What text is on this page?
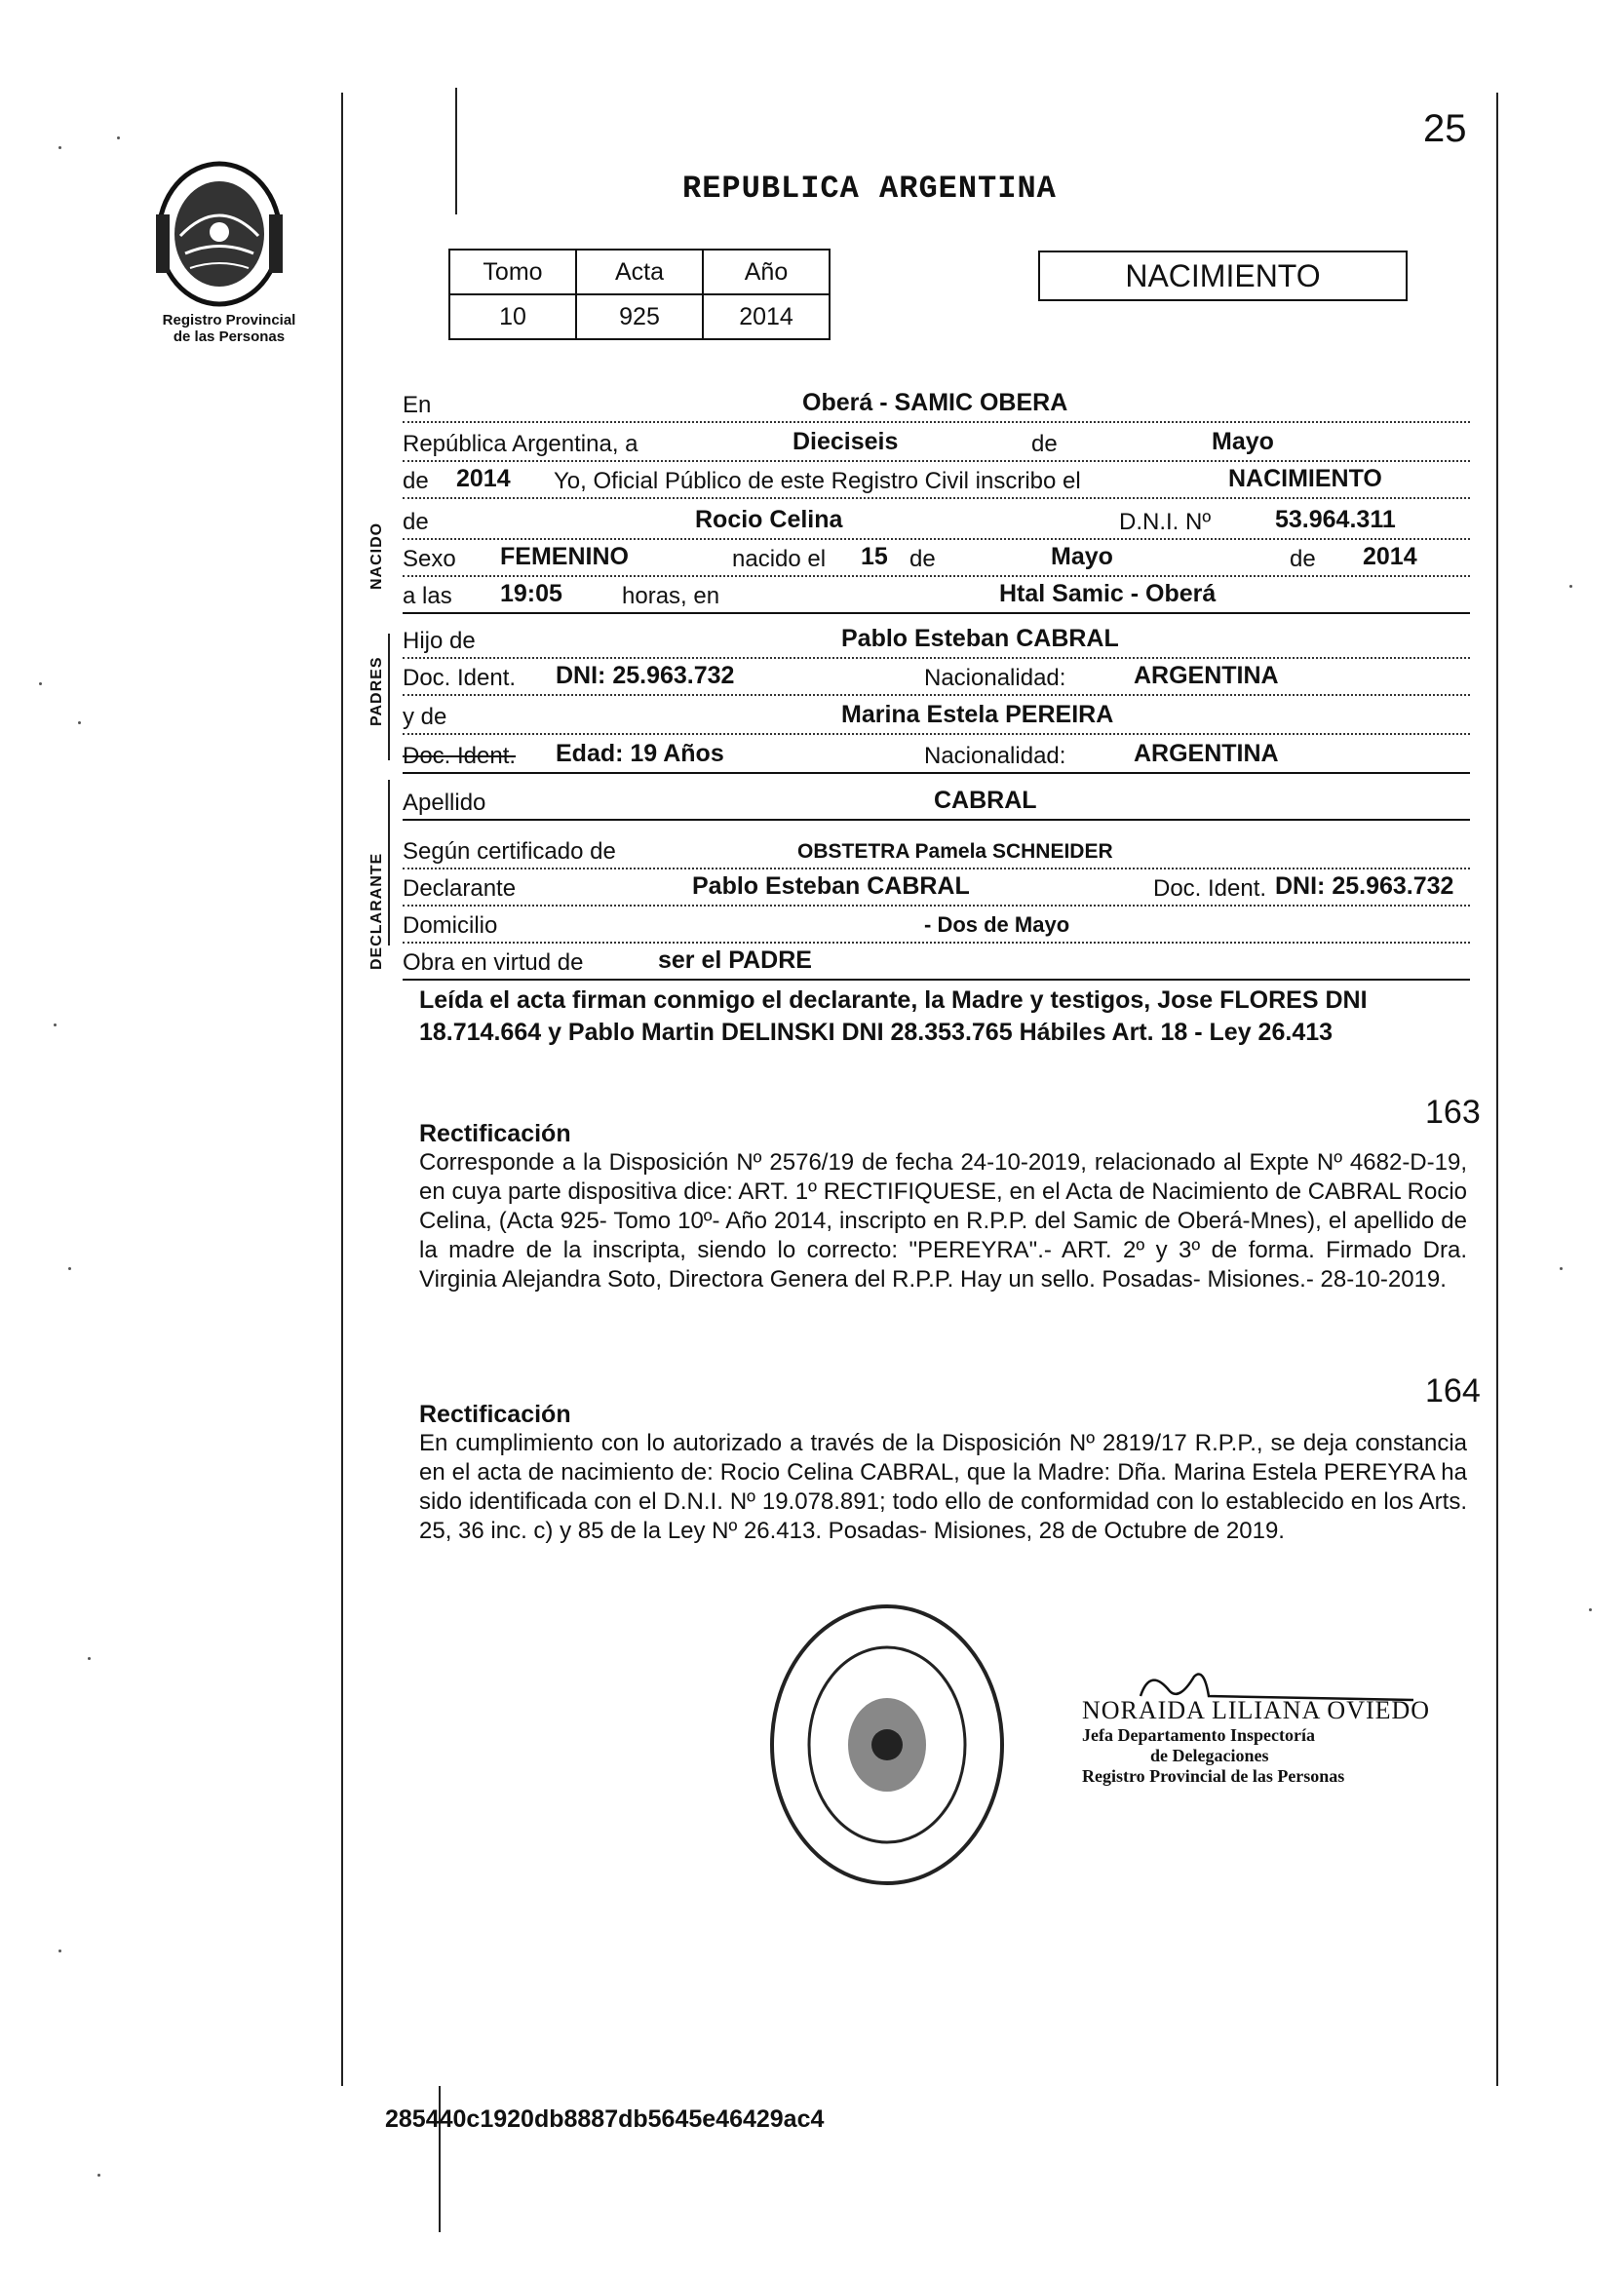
Registro Provincial
de las Personas
25
REPUBLICA ARGENTINA
Tomo	Acta	Año
10	925	2014
NACIMIENTO
NACIDO
PADRES
DECLARANTE
En	Oberá - SAMIC OBERA
República Argentina, a	Dieciseis	de	Mayo
de 2014 Yo, Oficial Público de este Registro Civil inscribo el	NACIMIENTO
de	Rocio Celina	D.N.I. Nº	53.964.311
Sexo FEMENINO	nacido el 15 de	Mayo	de 2014
a las 19:05	horas, en	Htal Samic - Oberá
Hijo de	Pablo Esteban CABRAL
Doc. Ident. DNI: 25.963.732	Nacionalidad:	ARGENTINA
y de	Marina Estela PEREIRA
Doc. Ident. Edad: 19 Años	Nacionalidad:	ARGENTINA
Apellido	CABRAL
Según certificado de	OBSTETRA Pamela SCHNEIDER
Declarante	Pablo Esteban CABRAL	Doc. Ident. DNI: 25.963.732
Domicilio	- Dos de Mayo
Obra en virtud de	ser el PADRE
Leída el acta firman conmigo el declarante, la Madre y testigos, Jose FLORES DNI 18.714.664 y Pablo Martin DELINSKI DNI 28.353.765 Hábiles Art. 18 - Ley 26.413
163
Rectificación
Corresponde a la Disposición Nº 2576/19 de fecha 24-10-2019, relacionado al Expte Nº 4682-D-19, en cuya parte dispositiva dice: ART. 1º RECTIFIQUESE, en el Acta de Nacimiento de CABRAL Rocio Celina, (Acta 925- Tomo 10º- Año 2014, inscripto en R.P.P. del Samic de Oberá-Mnes), el apellido de la madre de la inscripta, siendo lo correcto: "PEREYRA".- ART. 2º y 3º de forma. Firmado Dra. Virginia Alejandra Soto, Directora Genera del R.P.P. Hay un sello. Posadas- Misiones.- 28-10-2019.
164
Rectificación
En cumplimiento con lo autorizado a través de la Disposición Nº 2819/17 R.P.P., se deja constancia en el acta de nacimiento de: Rocio Celina CABRAL, que la Madre: Dña. Marina Estela PEREYRA ha sido identificada con el D.N.I. Nº 19.078.891; todo ello de conformidad con lo establecido en los Arts. 25, 36 inc. c) y 85 de la Ley Nº 26.413. Posadas- Misiones, 28 de Octubre de 2019.
NORAIDA LILIANA OVIEDO
Jefa Departamento Inspectoría
de Delegaciones
Registro Provincial de las Personas
285440c1920db8887db5645e46429ac4
